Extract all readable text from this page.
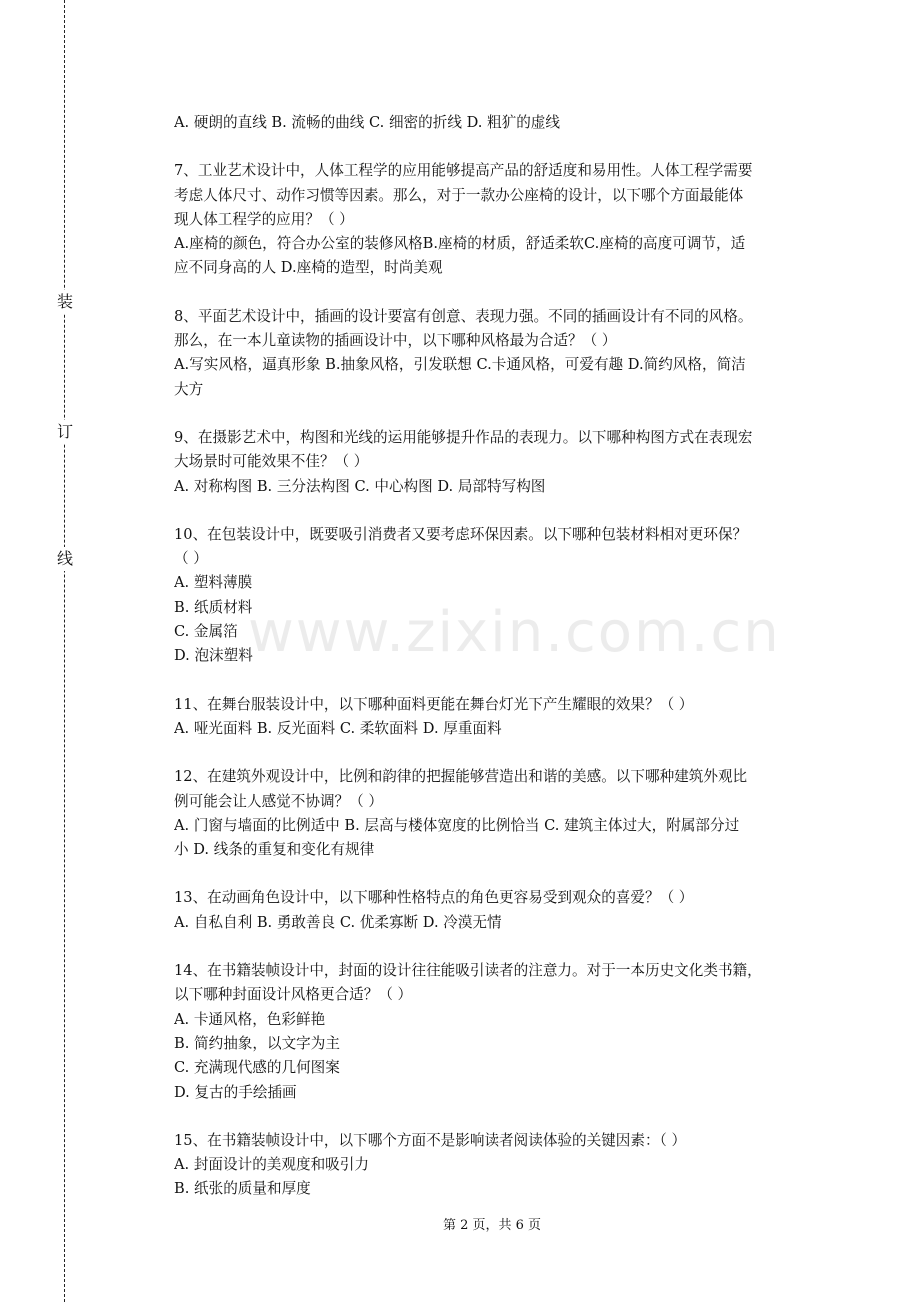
装
订
线
www.zixin.com.cn
A. 硬朗的直线 B. 流畅的曲线 C. 细密的折线 D. 粗犷的虚线
7、工业艺术设计中，人体工程学的应用能够提高产品的舒适度和易用性。人体工程学需要
考虑人体尺寸、动作习惯等因素。那么，对于一款办公座椅的设计，以下哪个方面最能体
现人体工程学的应用？（ ）
A.座椅的颜色，符合办公室的装修风格B.座椅的材质，舒适柔软C.座椅的高度可调节，适
应不同身高的人 D.座椅的造型，时尚美观
8、平面艺术设计中，插画的设计要富有创意、表现力强。不同的插画设计有不同的风格。
那么，在一本儿童读物的插画设计中，以下哪种风格最为合适？（ ）
A.写实风格，逼真形象 B.抽象风格，引发联想 C.卡通风格，可爱有趣 D.简约风格，简洁
大方
9、在摄影艺术中，构图和光线的运用能够提升作品的表现力。以下哪种构图方式在表现宏
大场景时可能效果不佳？（ ）
A. 对称构图 B. 三分法构图 C. 中心构图 D. 局部特写构图
10、在包装设计中，既要吸引消费者又要考虑环保因素。以下哪种包装材料相对更环保？
（ ）
A. 塑料薄膜
B. 纸质材料
C. 金属箔
D. 泡沫塑料
11、在舞台服装设计中，以下哪种面料更能在舞台灯光下产生耀眼的效果？（ ）
A. 哑光面料 B. 反光面料 C. 柔软面料 D. 厚重面料
12、在建筑外观设计中，比例和韵律的把握能够营造出和谐的美感。以下哪种建筑外观比
例可能会让人感觉不协调？（ ）
A. 门窗与墙面的比例适中 B. 层高与楼体宽度的比例恰当 C. 建筑主体过大，附属部分过
小 D. 线条的重复和变化有规律
13、在动画角色设计中，以下哪种性格特点的角色更容易受到观众的喜爱？（ ）
A. 自私自利 B. 勇敢善良 C. 优柔寡断 D. 冷漠无情
14、在书籍装帧设计中，封面的设计往往能吸引读者的注意力。对于一本历史文化类书籍，
以下哪种封面设计风格更合适？（ ）
A. 卡通风格，色彩鲜艳
B. 简约抽象，以文字为主
C. 充满现代感的几何图案
D. 复古的手绘插画
15、在书籍装帧设计中，以下哪个方面不是影响读者阅读体验的关键因素：（ ）
A. 封面设计的美观度和吸引力
B. 纸张的质量和厚度
第 2 页，共 6 页
